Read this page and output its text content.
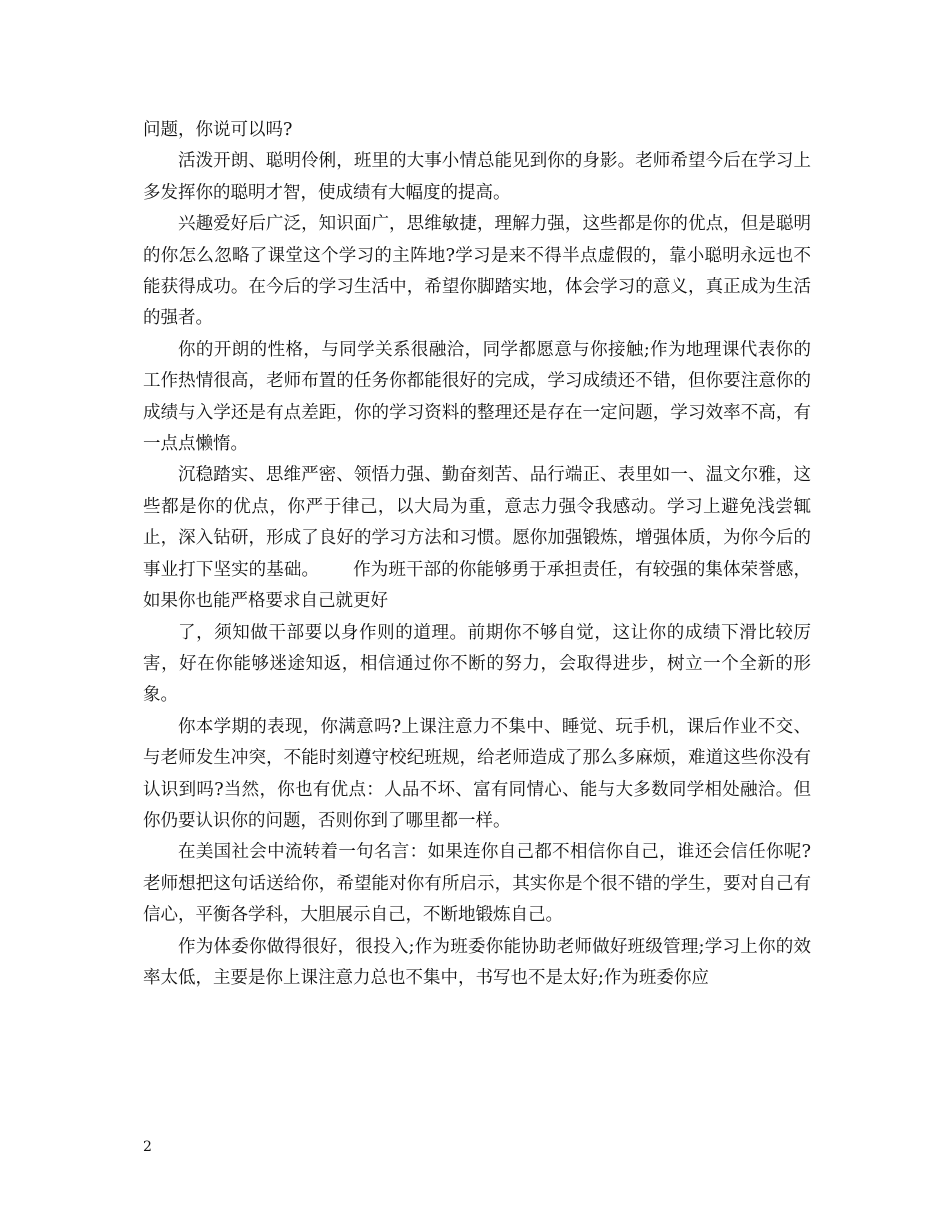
问题，你说可以吗?

活泼开朗、聪明伶俐，班里的大事小情总能见到你的身影。老师希望今后在学习上多发挥你的聪明才智，使成绩有大幅度的提高。

兴趣爱好后广泛，知识面广，思维敏捷，理解力强，这些都是你的优点，但是聪明的你怎么忽略了课堂这个学习的主阵地?学习是来不得半点虚假的，靠小聪明永远也不能获得成功。在今后的学习生活中，希望你脚踏实地，体会学习的意义，真正成为生活的强者。

你的开朗的性格，与同学关系很融洽，同学都愿意与你接触;作为地理课代表你的工作热情很高，老师布置的任务你都能很好的完成，学习成绩还不错，但你要注意你的成绩与入学还是有点差距，你的学习资料的整理还是存在一定问题，学习效率不高，有一点点懒惰。

沉稳踏实、思维严密、领悟力强、勤奋刻苦、品行端正、表里如一、温文尔雅，这些都是你的优点，你严于律己，以大局为重，意志力强令我感动。学习上避免浅尝辄止，深入钻研，形成了良好的学习方法和习惯。愿你加强锻炼，增强体质，为你今后的事业打下坚实的基础。      作为班干部的你能够勇于承担责任，有较强的集体荣誉感，如果你也能严格要求自己就更好

了，须知做干部要以身作则的道理。前期你不够自觉，这让你的成绩下滑比较厉害，好在你能够迷途知返，相信通过你不断的努力，会取得进步，树立一个全新的形象。

你本学期的表现，你满意吗?上课注意力不集中、睡觉、玩手机，课后作业不交、与老师发生冲突，不能时刻遵守校纪班规，给老师造成了那么多麻烦，难道这些你没有认识到吗?当然，你也有优点：人品不坏、富有同情心、能与大多数同学相处融洽。但你仍要认识你的问题，否则你到了哪里都一样。

在美国社会中流转着一句名言：如果连你自己都不相信你自己，谁还会信任你呢?老师想把这句话送给你，希望能对你有所启示，其实你是个很不错的学生，要对自己有信心，平衡各学科，大胆展示自己，不断地锻炼自己。

作为体委你做得很好，很投入;作为班委你能协助老师做好班级管理;学习上你的效率太低，主要是你上课注意力总也不集中，书写也不是太好;作为班委你应

2
